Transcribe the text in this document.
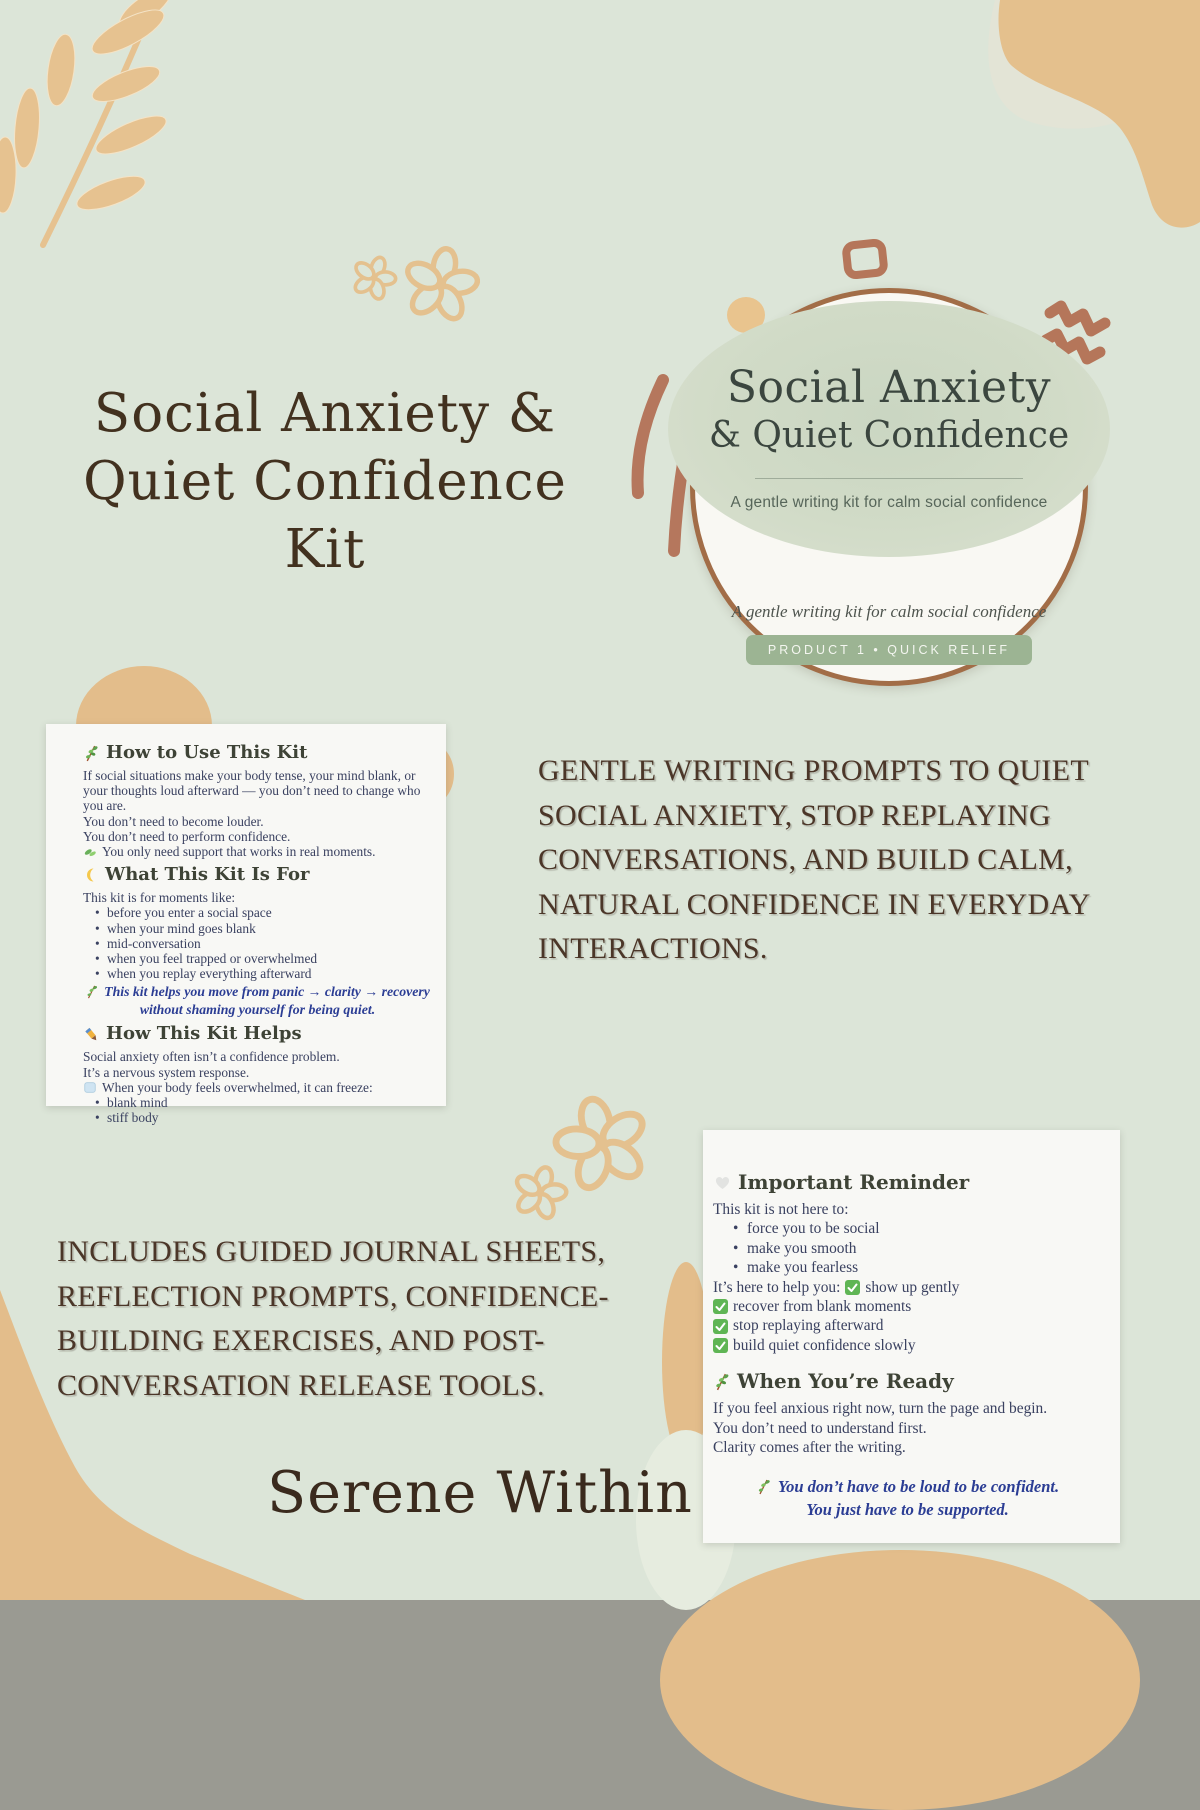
Social Anxiety &
Quiet Confidence Kit
Social Anxiety
& Quiet Confidence
A gentle writing kit for calm social confidence
A gentle writing kit for calm social confidence
PRODUCT 1 • QUICK RELIEF
How to Use This Kit
If social situations make your body tense, your mind blank, or your thoughts loud afterward — you don’t need to change who you are.
You don’t need to become louder.
You don’t need to perform confidence.
You only need support that works in real moments.
What This Kit Is For
This kit is for moments like:
• before you enter a social space
• when your mind goes blank
• mid-conversation
• when you feel trapped or overwhelmed
• when you replay everything afterward
This kit helps you move from panic → clarity → recovery
without shaming yourself for being quiet.
How This Kit Helps
Social anxiety often isn’t a confidence problem.
It’s a nervous system response.
When your body feels overwhelmed, it can freeze:
• blank mind
• stiff body
GENTLE WRITING PROMPTS TO QUIET SOCIAL ANXIETY, STOP REPLAYING CONVERSATIONS, AND BUILD CALM, NATURAL CONFIDENCE IN EVERYDAY INTERACTIONS.
INCLUDES GUIDED JOURNAL SHEETS, REFLECTION PROMPTS, CONFIDENCE-BUILDING EXERCISES, AND POST-CONVERSATION RELEASE TOOLS.
Important Reminder
This kit is not here to:
• force you to be social
• make you smooth
• make you fearless
It’s here to help you: show up gently
recover from blank moments
stop replaying afterward
build quiet confidence slowly
When You’re Ready
If you feel anxious right now, turn the page and begin.
You don’t need to understand first.
Clarity comes after the writing.
You don’t have to be loud to be confident.
You just have to be supported.
Serene Within
